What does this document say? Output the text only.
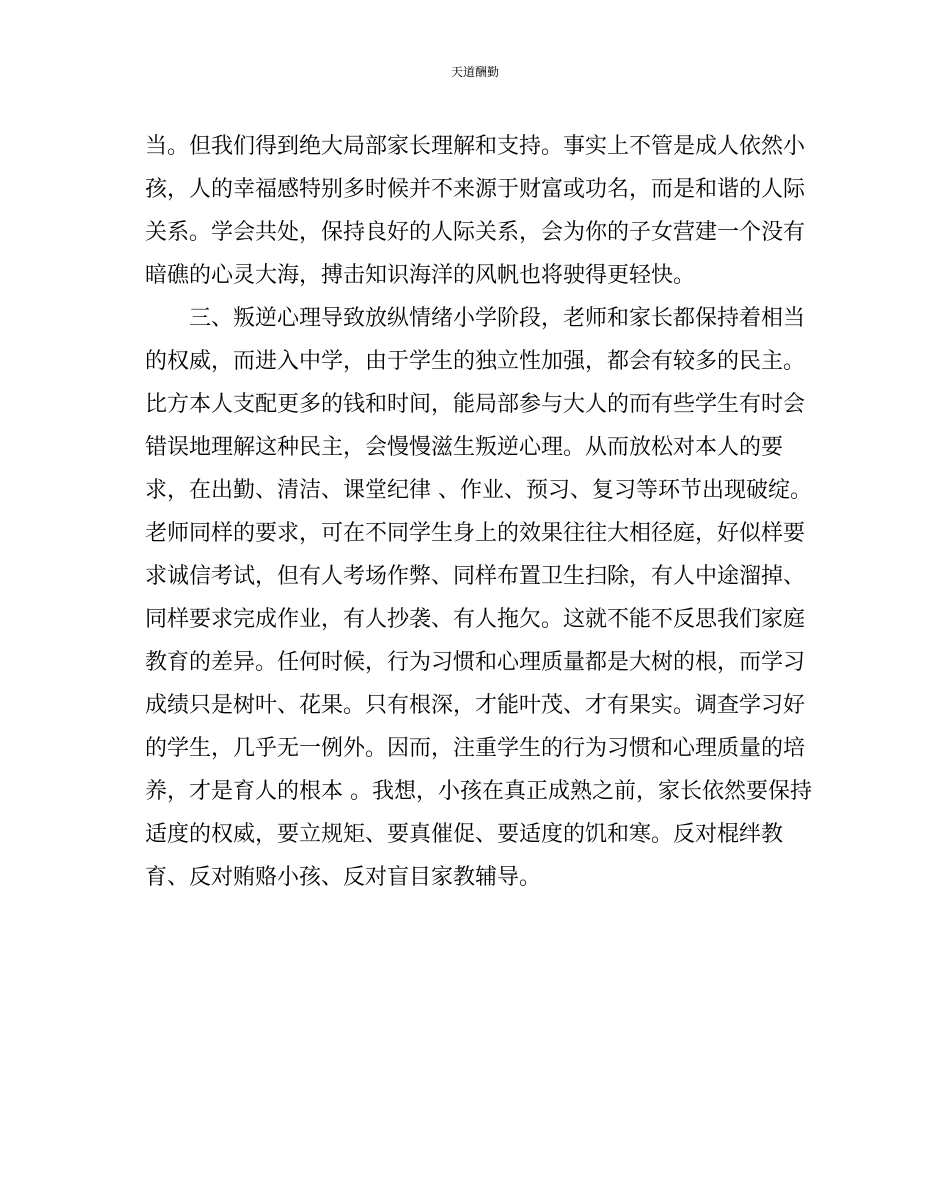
天道酬勤
当。但我们得到绝大局部家长理解和支持。事实上不管是成人依然小
孩，人的幸福感特别多时候并不来源于财富或功名，而是和谐的人际
关系。学会共处，保持良好的人际关系，会为你的子女营建一个没有
暗礁的心灵大海，搏击知识海洋的风帆也将驶得更轻快。
三、叛逆心理导致放纵情绪小学阶段，老师和家长都保持着相当
的权威，而进入中学，由于学生的独立性加强，都会有较多的民主。
比方本人支配更多的钱和时间，能局部参与大人的而有些学生有时会
错误地理解这种民主，会慢慢滋生叛逆心理。从而放松对本人的要
求，在出勤、清洁、课堂纪律 、作业、预习、复习等环节出现破绽。
老师同样的要求，可在不同学生身上的效果往往大相径庭，好似样要
求诚信考试，但有人考场作弊、同样布置卫生扫除，有人中途溜掉、
同样要求完成作业，有人抄袭、有人拖欠。这就不能不反思我们家庭
教育的差异。任何时候，行为习惯和心理质量都是大树的根，而学习
成绩只是树叶、花果。只有根深，才能叶茂、才有果实。调查学习好
的学生，几乎无一例外。因而，注重学生的行为习惯和心理质量的培
养，才是育人的根本 。我想，小孩在真正成熟之前，家长依然要保持
适度的权威，要立规矩、要真催促、要适度的饥和寒。反对棍绊教
育、反对贿赂小孩、反对盲目家教辅导。
